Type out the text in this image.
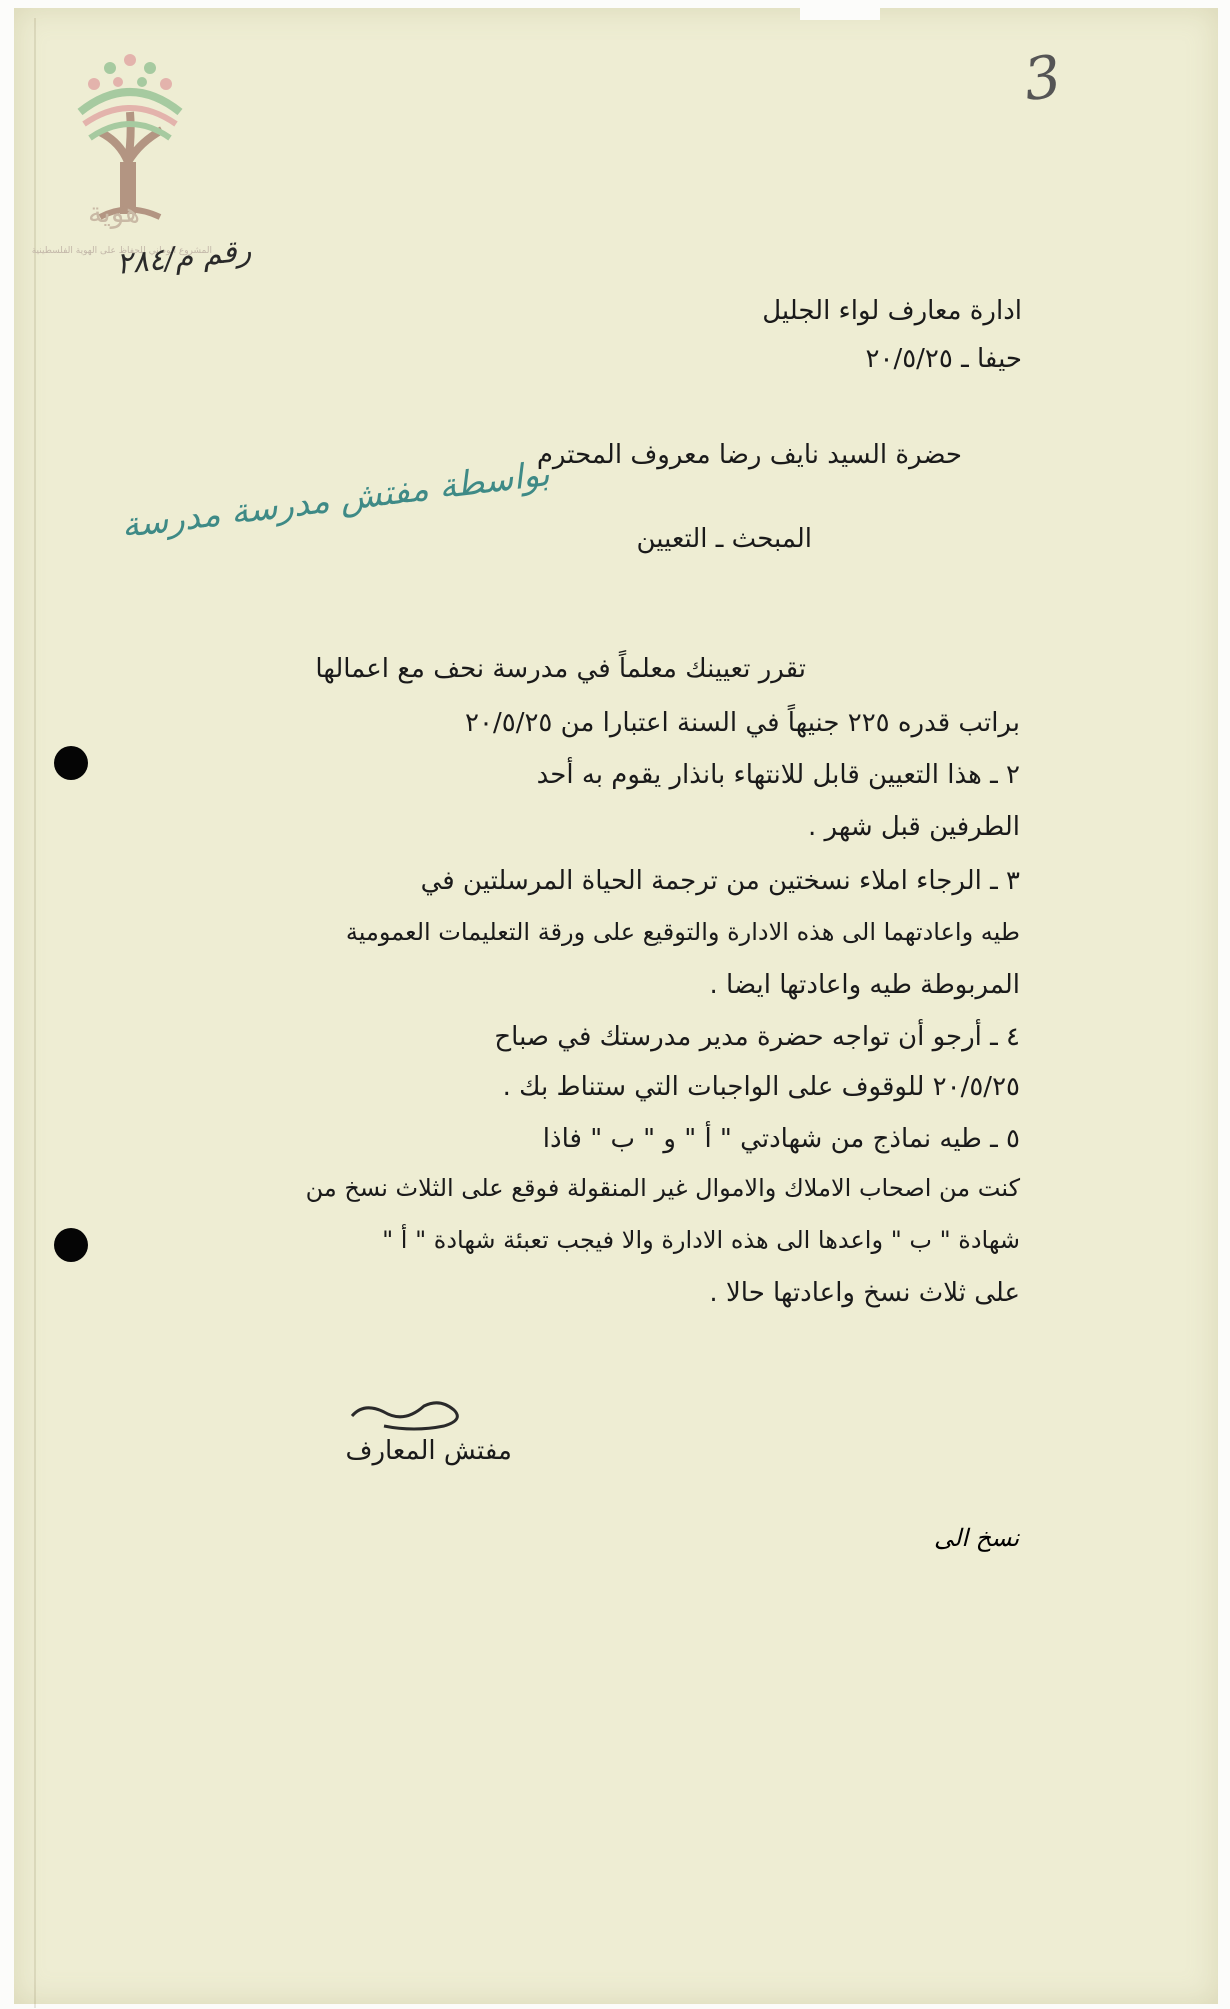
3
هوية
المشروع الوطني للحفاظ على الهوية الفلسطينية
رقم م/٢٨٤
ادارة معارف لواء الجليل
حيفا ـ ٢٠/٥/٢٥
حضرة السيد نايف رضا معروف المحترم
بواسطة مفتش مدرسة مدرسة	المبحث ـ التعيين
تقرر تعيينك معلماً في مدرسة نحف مع اعمالها
براتب قدره ٢٢٥ جنيهاً في السنة اعتبارا من ٢٠/٥/٢٥
٢ ـ هذا التعيين قابل للانتهاء بانذار يقوم به أحد
الطرفين قبل شهر .
٣ ـ الرجاء املاء نسختين من ترجمة الحياة المرسلتين في
طيه واعادتهما الى هذه الادارة والتوقيع على ورقة التعليمات العمومية
المربوطة طيه واعادتها ايضا .
٤ ـ أرجو أن تواجه حضرة مدير مدرستك في صباح
٢٠/٥/٢٥ للوقوف على الواجبات التي ستناط بك .
٥ ـ طيه نماذج من شهادتي " أ " و " ب " فاذا
كنت من اصحاب الاملاك والاموال غير المنقولة فوقع على الثلاث نسخ من
شهادة " ب " واعدها الى هذه الادارة والا فيجب تعبئة شهادة " أ "
على ثلاث نسخ واعادتها حالا .
مفتش المعارف
نسخ الى
